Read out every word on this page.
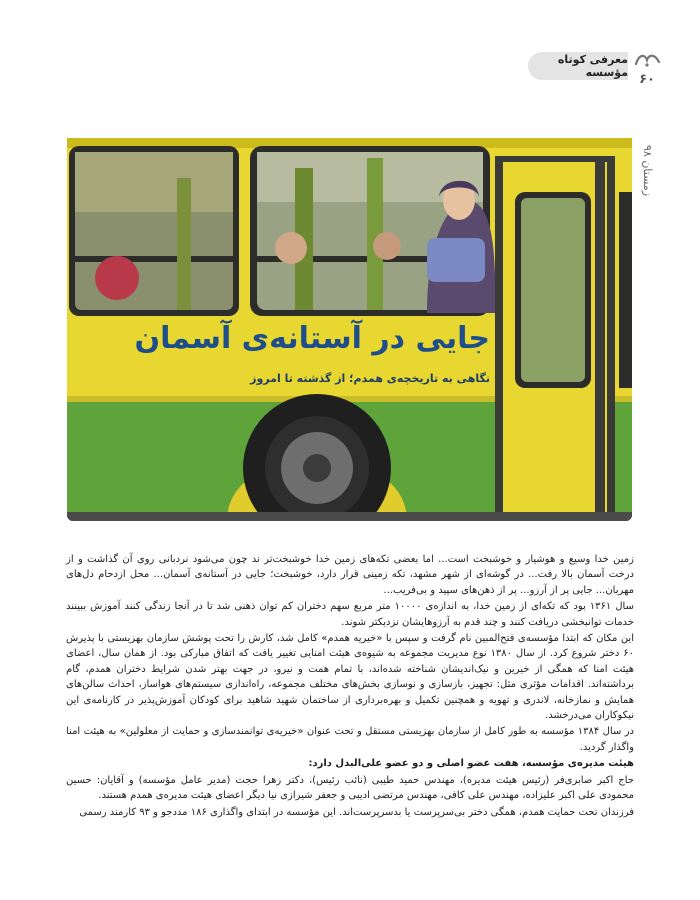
معرفی کوتاه مؤسسه ۶۰
زمستان ۹۸
جایی در آستانه‌ی آسمان
نگاهی به تاریخچه‌ی همدم؛ از گذشته تا امروز

زمین خدا وسیع و هوشیار و خوشبخت است... اما بعضی تکه‌های زمین خدا خوشبخت‌تر ند چون می‌شود نردبانی روی آن گذاشت و از درخت آسمان بالا رفت... در گوشه‌ای از شهر مشهد، تکه زمینی قرار دارد، خوشبخت؛ جایی در آستانه‌ی آسمان... محل ازدحام دل‌های مهربان... جایی پر از آرزو... پر از ذهن‌های سپید و بی‌فریب...

سال ۱۳۶۱ بود که تکه‌ای از زمین خدا، به اندازه‌ی ۱۰۰۰۰ متر مربع سهم دختران کم توان ذهنی شد تا در آنجا زندگی کنند آموزش ببینند خدمات توانبخشی دریافت کنند و چند قدم به آرزوهایشان نزدیکتر شوند.

این مکان که ابتدا مؤسسه‌ی فتح‌المبین نام گرفت و سپس با «خیریه همدم» کامل شد، کارش را تحت پوشش سازمان بهزیستی با پذیرش ۶۰ دختر شروع کرد. از سال ۱۳۸۰ نوع مدیریت مجموعه به شیوه‌ی هیئت امنایی تغییر یافت که اتفاق مبارکی بود. از همان سال، اعضای هیئت امنا که همگی از خیرین و نیک‌اندیشان شناخته شده‌اند، با تمام همت و نیرو، در جهت بهتر شدن شرایط دختران همدم، گام برداشته‌اند. اقدامات مؤثری مثل: تجهیز، بازسازی و نوسازی بخش‌های مختلف مجموعه، راه‌اندازی سیستم‌های هواساز، احداث سالن‌های همایش و نمازخانه، لاندری و تهویه و همچنین تکمیل و بهره‌برداری از ساختمان شهید شاهید برای کودکان آموزش‌پذیر در کارنامه‌ی این نیکوکاران می‌درخشد.

در سال ۱۳۸۴ مؤسسه به طور کامل از سازمان بهزیستی مستقل و تحت عنوان «خیریه‌ی توانمندسازی و حمایت از معلولین» به هیئت امنا واگذار گردید.

هیئت مدیره‌ی مؤسسه، هفت عضو اصلی و دو عضو علی‌البدل دارد:

حاج اکبر صابری‌فر (رئیس هیئت مدیره)، مهندس حمید طیبی (نائب رئیس)، دکتر زهرا حجت (مدیر عامل مؤسسه) و آقایان: حسین محمودی علی اکبر علیزاده، مهندس علی کافی، مهندس مرتضی ادیبی و جعفر شیرازی نیا دیگر اعضای هیئت مدیره‌ی همدم هستند.

فرزندان تحت حمایت همدم، همگی دختر بی‌سرپرست یا بدسرپرست‌اند. این مؤسسه در ابتدای واگذاری ۱۸۶ مددجو و ۹۳ کارمند رسمی
